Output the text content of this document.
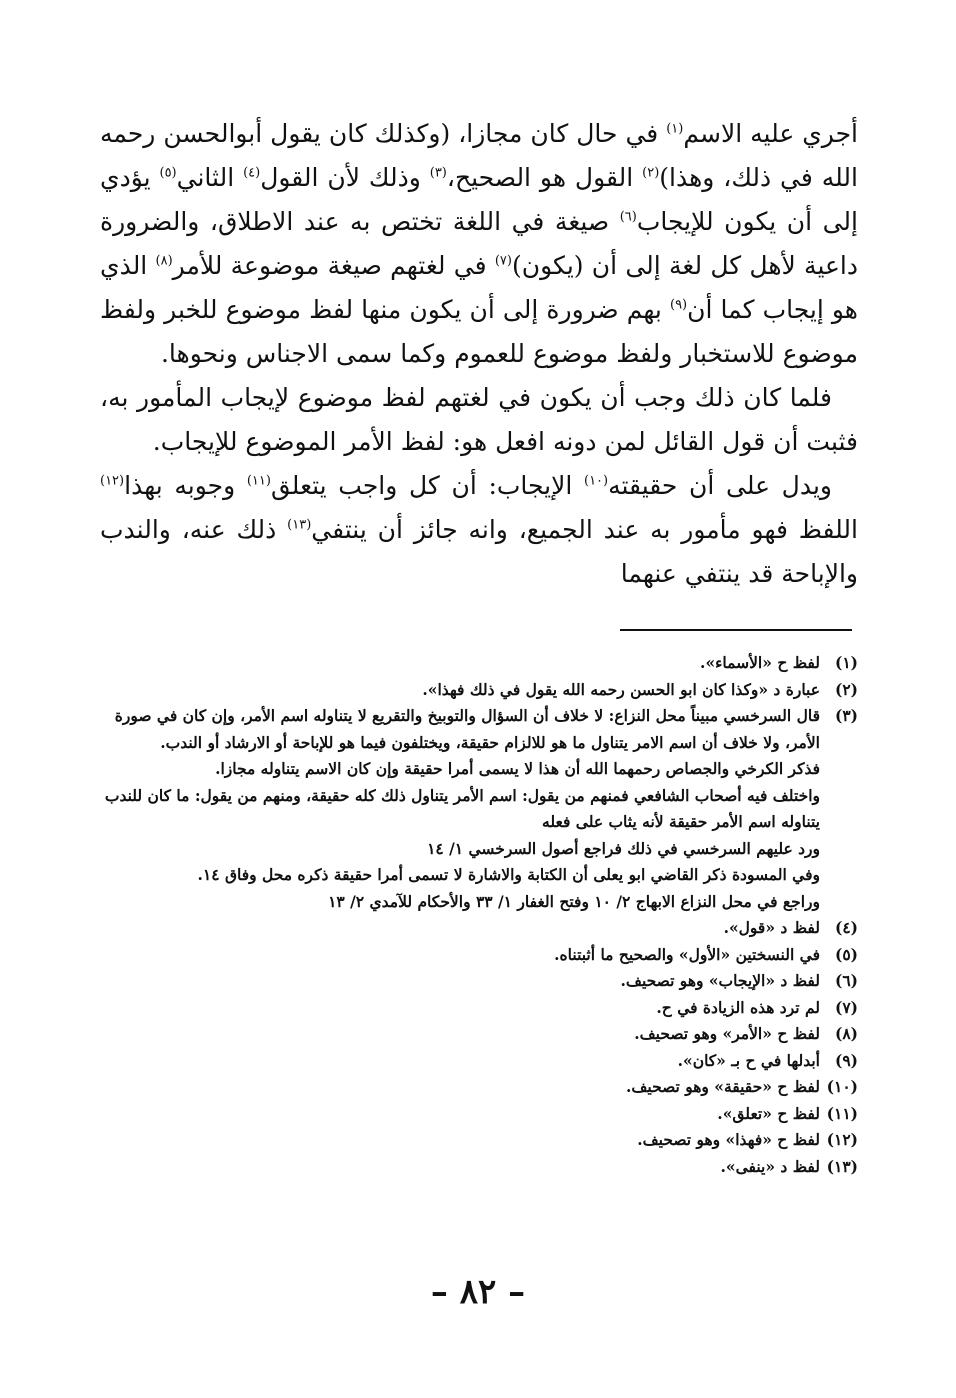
أجري عليه الاسم$^{(١)}$ في حال كان مجازا، (وكذلك كان يقول أبوالحسن رحمه الله في ذلك، وهذا)$^{(٢)}$ القول هو الصحيح،$^{(٣)}$ وذلك لأن القول$^{(٤)}$ الثاني$^{(٥)}$ يؤدي إلى أن يكون للإيجاب$^{(٦)}$ صيغة في اللغة تختص به عند الاطلاق، والضرورة داعية لأهل كل لغة إلى أن (يكون)$^{(٧)}$ في لغتهم صيغة موضوعة للأمر$^{(٨)}$ الذي هو إيجاب كما أن$^{(٩)}$ بهم ضرورة إلى أن يكون منها لفظ موضوع للخبر ولفظ موضوع للاستخبار ولفظ موضوع للعموم وكما سمى الاجناس ونحوها.

فلما كان ذلك وجب أن يكون في لغتهم لفظ موضوع لإيجاب المأمور به، فثبت أن قول القائل لمن دونه افعل هو: لفظ الأمر الموضوع للإيجاب.

ويدل على أن حقيقته$^{(١٠)}$ الإيجاب: أن كل واجب يتعلق$^{(١١)}$ وجوبه بهذا$^{(١٢)}$ اللفظ فهو مأمور به عند الجميع، وانه جائز أن ينتفي$^{(١٣)}$ ذلك عنه، والندب والإباحة قد ينتفي عنهما

(١)لفظ ح «الأسماء».

(٢)عبارة د «وكذا كان ابو الحسن رحمه الله يقول في ذلك فهذا».

(٣)قال السرخسي مبيناً محل النزاع: لا خلاف أن السؤال والتوبيخ والتقريع لا يتناوله اسم الأمر، وإن كان في صورة الأمر، ولا خلاف أن اسم الامر يتناول ما هو للالزام حقيقة، ويختلفون فيما هو للإباحة أو الارشاد أو الندب.

فذكر الكرخي والجصاص رحمهما الله أن هذا لا يسمى أمرا حقيقة وإن كان الاسم يتناوله مجازا.

واختلف فيه أصحاب الشافعي فمنهم من يقول: اسم الأمر يتناول ذلك كله حقيقة، ومنهم من يقول: ما كان للندب يتناوله اسم الأمر حقيقة لأنه يثاب على فعله

ورد عليهم السرخسي في ذلك فراجع أصول السرخسي ١/ ١٤

وفي المسودة ذكر القاضي ابو يعلى أن الكتابة والاشارة لا تسمى أمرا حقيقة ذكره محل وفاق ١٤.

وراجع في محل النزاع الابهاج ٢/ ١٠ وفتح الغفار ١/ ٣٣ والأحكام للآمدي ٢/ ١٣

(٤)لفظ د «قول».

(٥)في النسختين «الأول» والصحيح ما أثبتناه.

(٦)لفظ د «الإيجاب» وهو تصحيف.

(٧)لم ترد هذه الزيادة في ح.

(٨)لفظ ح «الأمر» وهو تصحيف.

(٩)أبدلها في ح بـ «كان».

(١٠)لفظ ح «حقيقة» وهو تصحيف.

(١١)لفظ ح «تعلق».

(١٢)لفظ ح «فهذا» وهو تصحيف.

(١٣)لفظ د «ينفى».

– ٨٢ –
